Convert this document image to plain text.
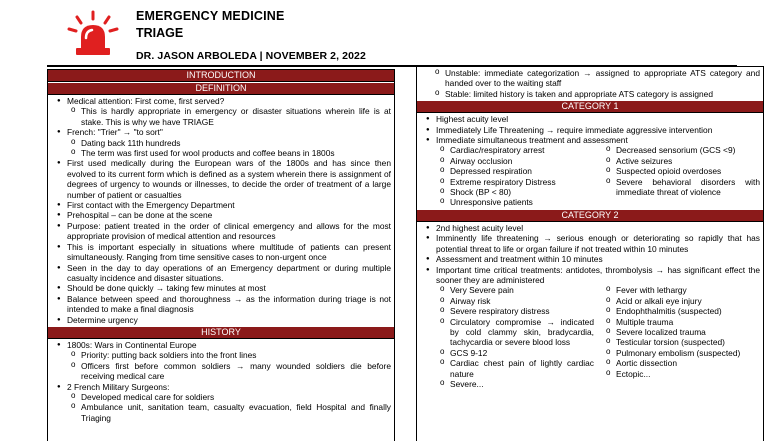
EMERGENCY MEDICINE
TRIAGE
DR. JASON ARBOLEDA | NOVEMBER 2, 2022
INTRODUCTION
DEFINITION
● Medical attention: First come, first served?
o This is hardly appropriate in emergency or disaster situations wherein life is at stake. This is why we have TRIAGE
● French: "Trier" → "to sort"
o Dating back 11th hundreds
o The term was first used for wool products and coffee beans in 1800s
● First used medically during the European wars of the 1800s and has since then evolved to its current form which is defined as a system wherein there is assignment of degrees of urgency to wounds or illnesses, to decide the order of treatment of a large number of patient or casualties
● First contact with the Emergency Department
● Prehospital – can be done at the scene
● Purpose: patient treated in the order of clinical emergency and allows for the most appropriate provision of medical attention and resources
● This is important especially in situations where multitude of patients can present simultaneously. Ranging from time sensitive cases to non-urgent once
● Seen in the day to day operations of an Emergency department or during multiple casualty incidence and disaster situations.
● Should be done quickly → taking few minutes at most
● Balance between speed and thoroughness → as the information during triage is not intended to make a final diagnosis
● Determine urgency
HISTORY
● 1800s: Wars in Continental Europe
o Priority: putting back soldiers into the front lines
o Officers first before common soldiers → many wounded soldiers die before receiving medical care
● 2 French Military Surgeons:
o Developed medical care for soldiers
o Ambulance unit, sanitation team, casualty evacuation, field Hospital and finally Triaging
o Unstable: immediate categorization → assigned to appropriate ATS category and handed over to the waiting staff
o Stable: limited history is taken and appropriate ATS category is assigned
CATEGORY 1
● Highest acuity level
● Immediately Life Threatening → require immediate aggressive intervention
● Immediate simultaneous treatment and assessment
o Cardiac/respiratory arrest
o Airway occlusion
o Depressed respiration
o Extreme respiratory Distress
o Shock (BP < 80)
o Unresponsive patients
o Decreased sensorium (GCS <9)
o Active seizures
o Suspected opioid overdoses
o Severe behavioral disorders with immediate threat of violence
CATEGORY 2
● 2nd highest acuity level
● Imminently life threatening → serious enough or deteriorating so rapidly that has potential threat to life or organ failure if not treated within 10 minutes
● Assessment and treatment within 10 minutes
● Important time critical treatments: antidotes, thrombolysis → has significant effect the sooner they are administered
o Very Severe pain
o Airway risk
o Severe respiratory distress
o Circulatory compromise → indicated by cold clammy skin, bradycardia, tachycardia or severe blood loss
o GCS 9-12
o Cardiac chest pain of lightly cardiac nature
o Severe...
o Fever with lethargy
o Acid or alkali eye injury
o Endophthalmitis (suspected)
o Multiple trauma
o Severe localized trauma
o Testicular torsion (suspected)
o Pulmonary embolism (suspected)
o Aortic dissection
o Ectopic...
